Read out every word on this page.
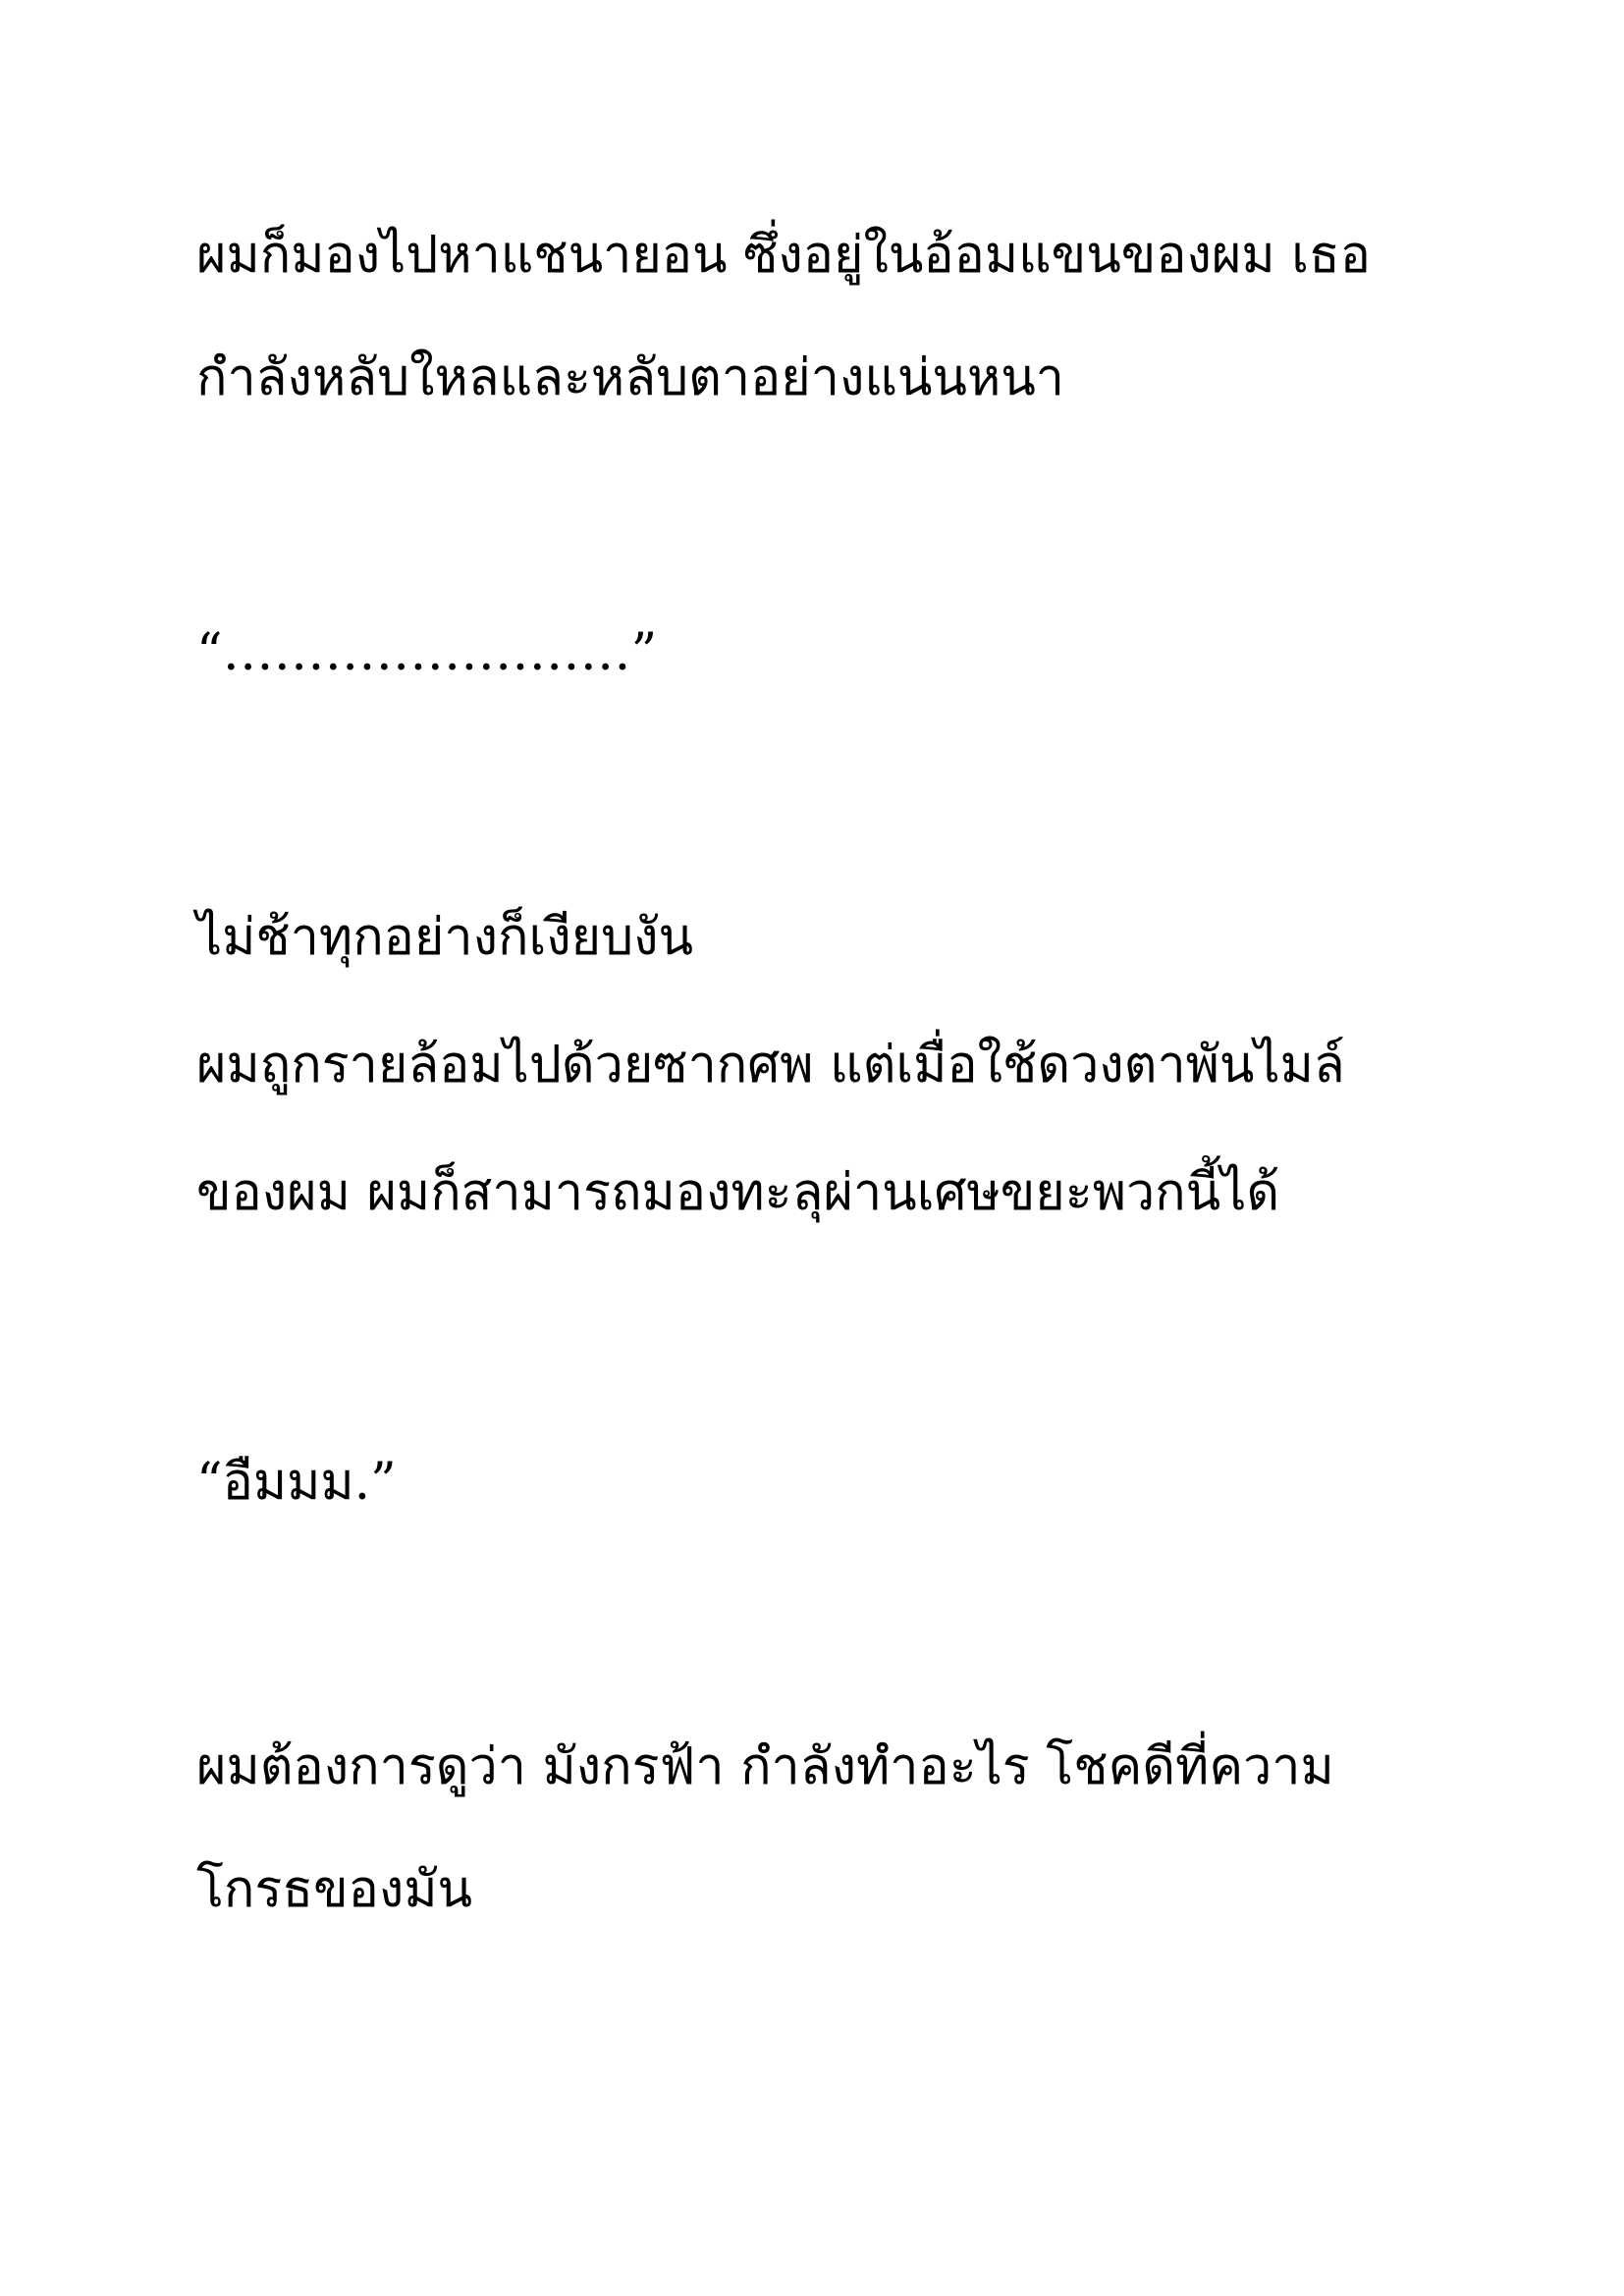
ผมก็มองไปหาแชนายอน ซึ่งอยู่ในอ้อมแขนของผม เธอ

กำลังหลับใหลและหลับตาอย่างแน่นหนา

“……………………”

ไม่ช้าทุกอย่างก็เงียบงัน

ผมถูกรายล้อมไปด้วยซากศพ แต่เมื่อใช้ดวงตาพันไมล์

ของผม ผมก็สามารถมองทะลุผ่านเศษขยะพวกนี้ได้

“อืมมม.”

ผมต้องการดูว่า มังกรฟ้า กำลังทำอะไร โชคดีที่ความ

โกรธของมัน
